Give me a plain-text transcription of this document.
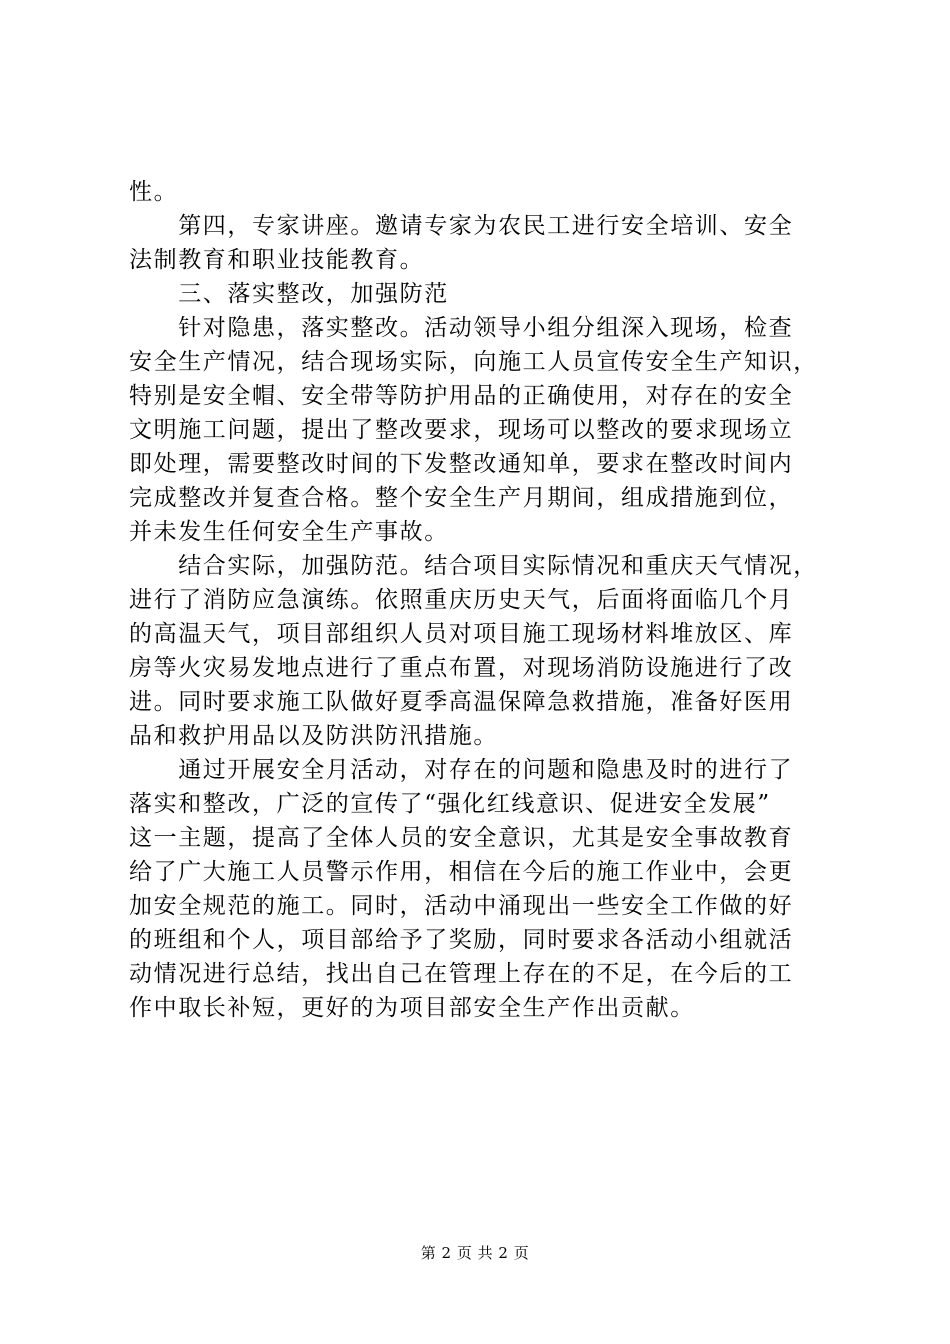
性。
　　第四，专家讲座。邀请专家为农民工进行安全培训、安全
法制教育和职业技能教育。
　　三、落实整改，加强防范
　　针对隐患，落实整改。活动领导小组分组深入现场，检查
安全生产情况，结合现场实际，向施工人员宣传安全生产知识，
特别是安全帽、安全带等防护用品的正确使用，对存在的安全
文明施工问题，提出了整改要求，现场可以整改的要求现场立
即处理，需要整改时间的下发整改通知单，要求在整改时间内
完成整改并复查合格。整个安全生产月期间，组成措施到位，
并未发生任何安全生产事故。
　　结合实际，加强防范。结合项目实际情况和重庆天气情况，
进行了消防应急演练。依照重庆历史天气，后面将面临几个月
的高温天气，项目部组织人员对项目施工现场材料堆放区、库
房等火灾易发地点进行了重点布置，对现场消防设施进行了改
进。同时要求施工队做好夏季高温保障急救措施，准备好医用
品和救护用品以及防洪防汛措施。
　　通过开展安全月活动，对存在的问题和隐患及时的进行了
落实和整改，广泛的宣传了“强化红线意识、促进安全发展”
这一主题，提高了全体人员的安全意识，尤其是安全事故教育
给了广大施工人员警示作用，相信在今后的施工作业中，会更
加安全规范的施工。同时，活动中涌现出一些安全工作做的好
的班组和个人，项目部给予了奖励，同时要求各活动小组就活
动情况进行总结，找出自己在管理上存在的不足，在今后的工
作中取长补短，更好的为项目部安全生产作出贡献。
第 2 页 共 2 页
